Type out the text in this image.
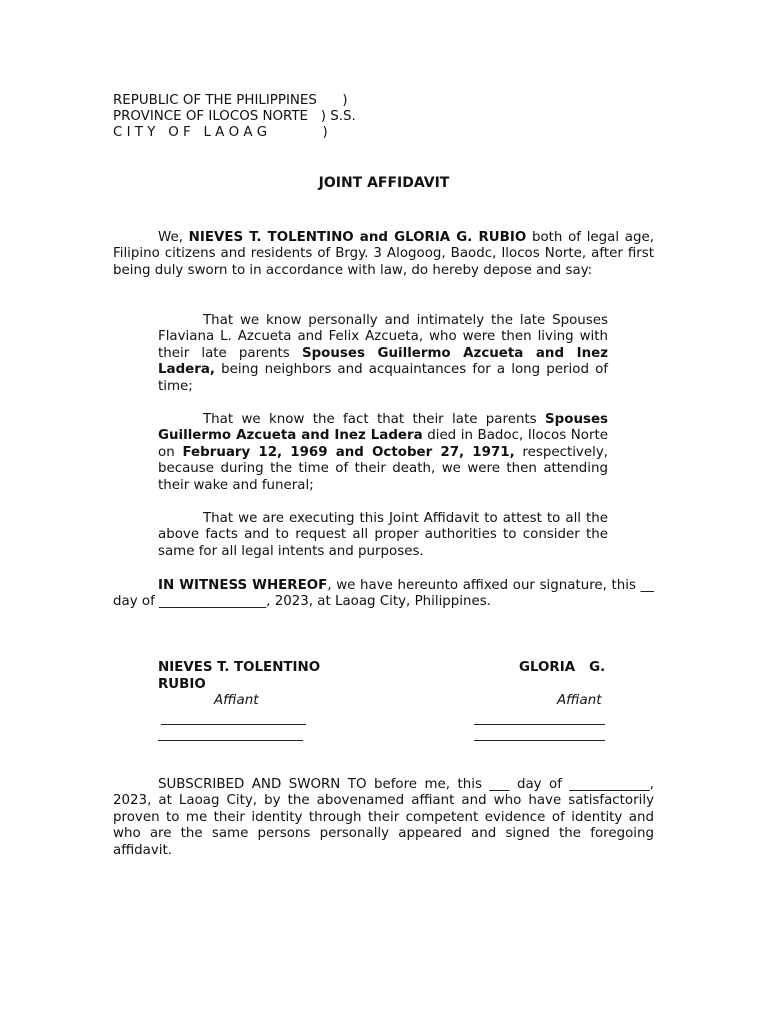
REPUBLIC OF THE PHILIPPINES      )
PROVINCE OF ILOCOS NORTE   ) S.S.
C I T Y   O F   L A O A G             )
JOINT AFFIDAVIT
We, NIEVES T. TOLENTINO and GLORIA G. RUBIO both of legal age, Filipino citizens and residents of Brgy. 3 Alogoog, Baodc, Ilocos Norte, after first being duly sworn to in accordance with law, do hereby depose and say:
That we know personally and intimately the late Spouses Flaviana L. Azcueta and Felix Azcueta, who were then living with their late parents Spouses Guillermo Azcueta and Inez Ladera, being neighbors and acquaintances for a long period of time;
That we know the fact that their late parents Spouses Guillermo Azcueta and Inez Ladera died in Badoc, Ilocos Norte on February 12, 1969 and October 27, 1971, respectively, because during the time of their death, we were then attending their wake and funeral;
That we are executing this Joint Affidavit to attest to all the above facts and to request all proper authorities to consider the same for all legal intents and purposes.
IN WITNESS WHEREOF, we have hereunto affixed our signature, this __ day of ________________, 2023, at Laoag City, Philippines.
NIEVES T. TOLENTINO	GLORIA   G.
RUBIO
Affiant	Affiant
SUBSCRIBED AND SWORN TO before me, this ___ day of ____________, 2023, at Laoag City, by the abovenamed affiant and who have satisfactorily proven to me their identity through their competent evidence of identity and who are the same persons personally appeared and signed the foregoing affidavit.
